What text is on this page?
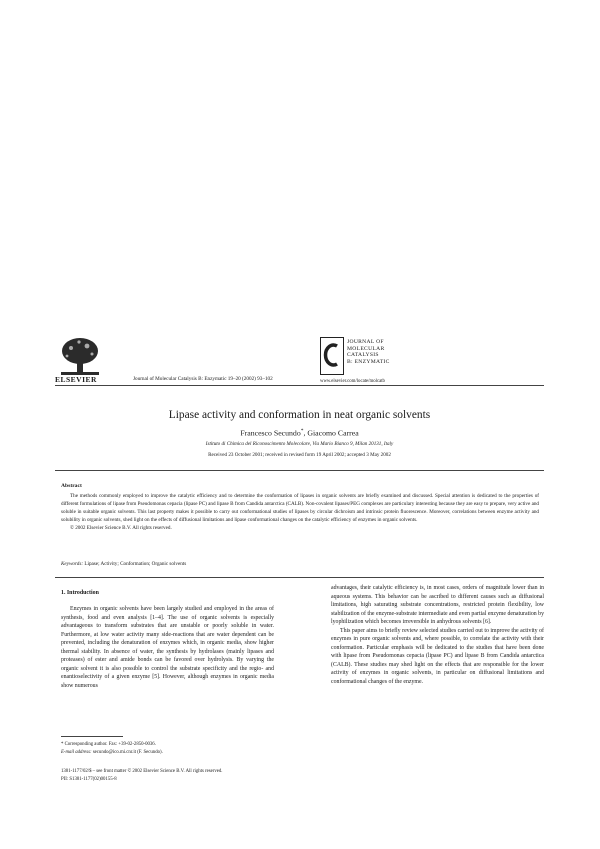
ELSEVIER	Journal of Molecular Catalysis B: Enzymatic 19–20 (2002) 93–102
JOURNAL OF
MOLECULAR
CATALYSIS
B: ENZYMATIC
www.elsevier.com/locate/molcatb
Lipase activity and conformation in neat organic solvents
Francesco Secundo*, Giacomo Carrea
Istituto di Chimica del Riconoscimento Molecolare, Via Mario Bianco 9, Milan 20131, Italy
Received 23 October 2001; received in revised form 19 April 2002; accepted 3 May 2002
Abstract

The methods commonly employed to improve the catalytic efficiency and to determine the conformation of lipases in organic solvents are briefly examined and discussed. Special attention is dedicated to the properties of different formulations of lipase from Pseudomonas cepacia (lipase PC) and lipase B from Candida antarctica (CALB). Non-covalent lipases/PEG complexes are particulary interesting because they are easy to prepare, very active and soluble in suitable organic solvents. This last property makes it possible to carry out conformational studies of lipases by circular dichroism and intrinsic protein fluorescence. Moreover, correlations between enzyme activity and solubility in organic solvents, shed light on the effects of diffusional limitations and lipase conformational changes on the catalytic efficiency of enzymes in organic solvents.

© 2002 Elsevier Science B.V. All rights reserved.

Keywords: Lipase; Activity; Conformation; Organic solvents
1. Introduction

Enzymes in organic solvents have been largely studied and employed in the areas of synthesis, food and even analysis [1–4]. The use of organic solvents is especially advantageous to transform substrates that are unstable or poorly soluble in water. Furthermore, at low water activity many side-reactions that are water dependent can be prevented, including the denaturation of enzymes which, in organic media, show higher thermal stability. In absence of water, the synthesis by hydrolases (mainly lipases and proteases) of ester and amide bonds can be favored over hydrolysis. By varying the organic solvent it is also possible to control the substrate specificity and the regio- and enantioselectivity of a given enzyme [5]. However, although enzymes in organic media show numerous

advantages, their catalytic efficiency is, in most cases, orders of magnitude lower than in aqueous systems. This behavior can be ascribed to different causes such as diffusional limitations, high saturating substrate concentrations, restricted protein flexibility, low stabilization of the enzyme-substrate intermediate and even partial enzyme denaturation by lyophilization which becomes irreversible in anhydrous solvents [6].

This paper aims to briefly review selected studies carried out to improve the activity of enzymes in pure organic solvents and, where possible, to correlate the activity with their conformation. Particular emphasis will be dedicated to the studies that have been done with lipase from Pseudomonas cepacia (lipase PC) and lipase B from Candida antarctica (CALB). These studies may shed light on the effects that are responsible for the lower activity of enzymes in organic solvents, in particular on diffusional limitations and conformational changes of the enzyme.

* Corresponding author. Fax: +39-02-2850-0036.
E-mail address: secundo@ico.mi.cnr.it (F. Secundo).
1381-1177/02/$ – see front matter © 2002 Elsevier Science B.V. All rights reserved.
PII: S1381-1177(02)00155-8
